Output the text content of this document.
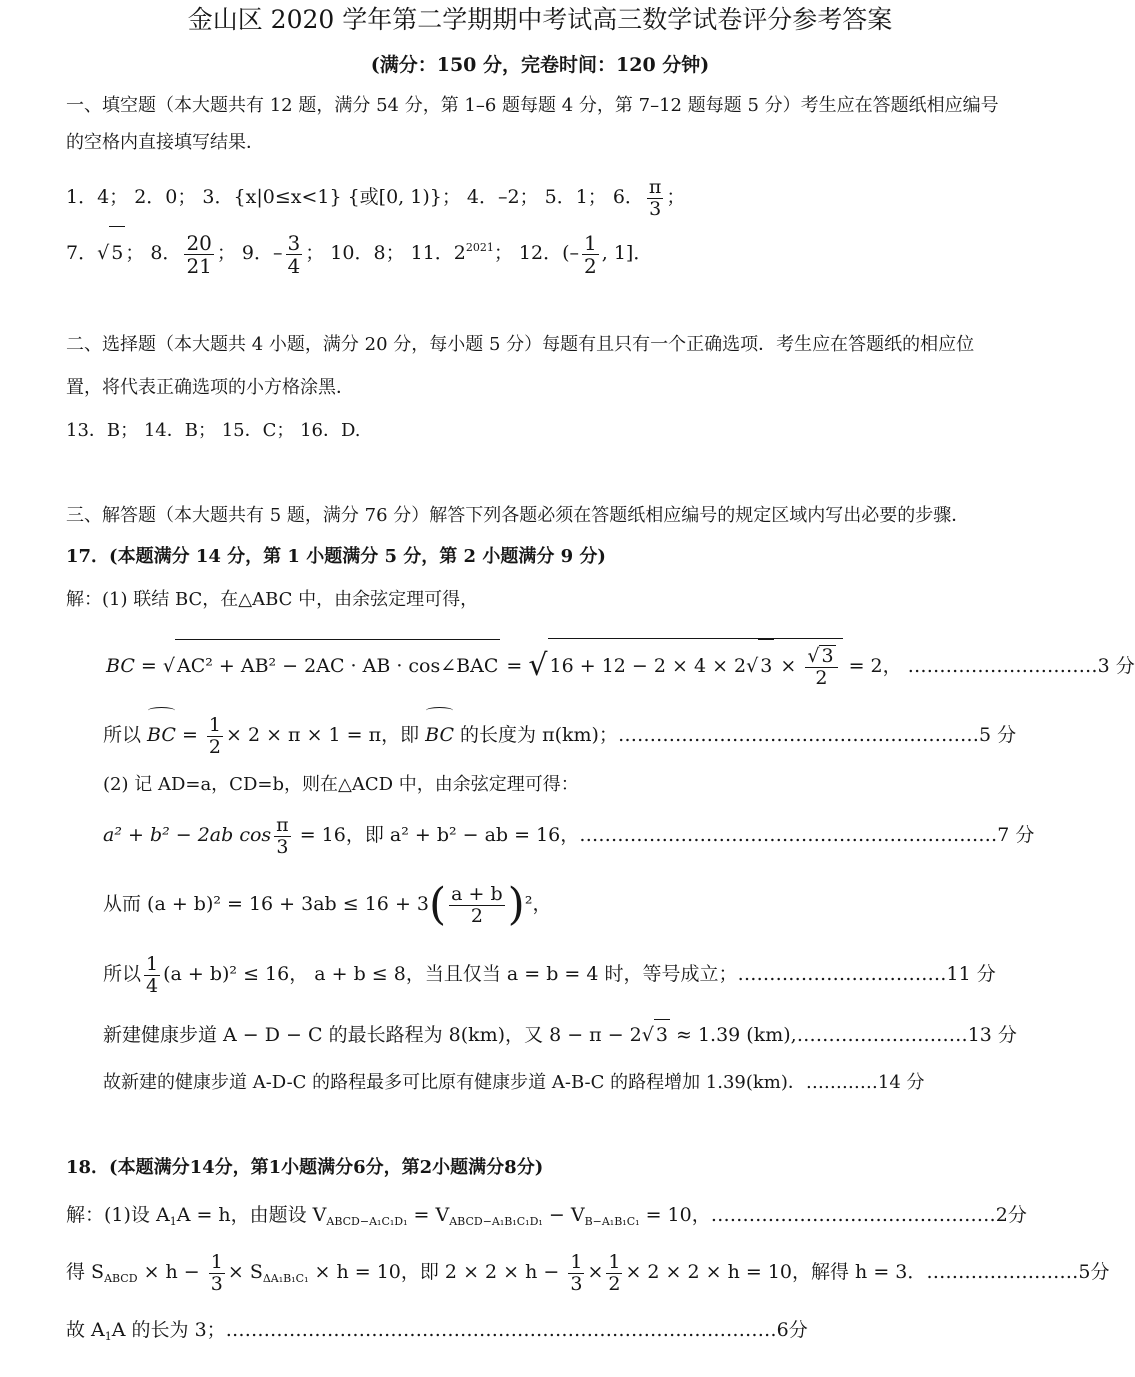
金山区 2020 学年第二学期期中考试高三数学试卷评分参考答案
(满分：150 分，完卷时间：120 分钟)
一、填空题（本大题共有 12 题，满分 54 分，第 1–6 题每题 4 分，第 7–12 题每题 5 分）考生应在答题纸相应编号
的空格内直接填写结果．
1．4； 2．0； 3．{x|0≤x<1} {或[0, 1)}； 4．–2； 5．1； 6． $\frac{\pi}{3}$ ；
7．√ 5 ； 8． $\frac{20}{21}$ ； 9．– $\frac{3}{4}$ ； 10．8； 11．$2^{2021}$； 12．(– $\frac{1}{2}$ , 1]．
二、选择题（本大题共 4 小题，满分 20 分，每小题 5 分）每题有且只有一个正确选项．考生应在答题纸的相应位
置，将代表正确选项的小方格涂黑．
13．B； 14．B； 15．C； 16．D.
三、解答题（本大题共有 5 题，满分 76 分）解答下列各题必须在答题纸相应编号的规定区域内写出必要的步骤．
17．(本题满分 14 分，第 1 小题满分 5 分，第 2 小题满分 9 分)
解：(1) 联结 BC，在△ABC 中，由余弦定理可得，
BC = √ AC² + AB² − 2AC · AB · cos∠BAC = √ 16 + 12 − 2 × 4 × 2√ $3 \times \frac{√ 3}{2} = 2$， …………………………3 分
所以 BC = $\frac{1}{2} \times 2 \times \pi \times 1 = \pi$，即 BC 的长度为 π(km)；…………………………………………………5 分
(2) 记 AD=a，CD=b，则在△ACD 中，由余弦定理可得：
a² + b² − 2ab $\cos \frac{\pi}{3} = 16$，即 a² + b² − ab = 16，…………………………………………………………7 分
从而 $(a + b)^2 = 16 + 3ab \le 16 + 3( \frac{a + b}{2} )^2$，
所以 $\frac{1}{4} (a + b)^2 \le 16$， a + b ≤ 8，当且仅当 a = b = 4 时，等号成立；……………………………11 分
新建健康步道 A − D − C 的最长路程为 8(km)，又 8 − π − 2√ 3 ≈ 1.39 (km),………………………13 分
故新建的健康步道 A-D-C 的路程最多可比原有健康步道 A-B-C 的路程增加 1.39(km)．…………14 分
18．(本题满分14分，第1小题满分6分，第2小题满分8分)
解：(1)设 $A_1A = h$，由题设 $V_{ABCD-A_1C_1D_1} = V_{ABCD-A_1B_1C_1D_1} - V_{B-A_1B_1C_1} = 10$，………………………………………2分
得 $S_{ABCD} \times h - \frac{1}{3} \times S_{\Delta A_1B_1C_1} \times h = 10$，即 $2 \times 2 \times h - \frac{1}{3} \times \frac{1}{2} \times 2 \times 2 \times h = 10$，解得 h = 3．……………………5分
故 $A_1A$ 的长为 3；……………………………………………………………………………6分
